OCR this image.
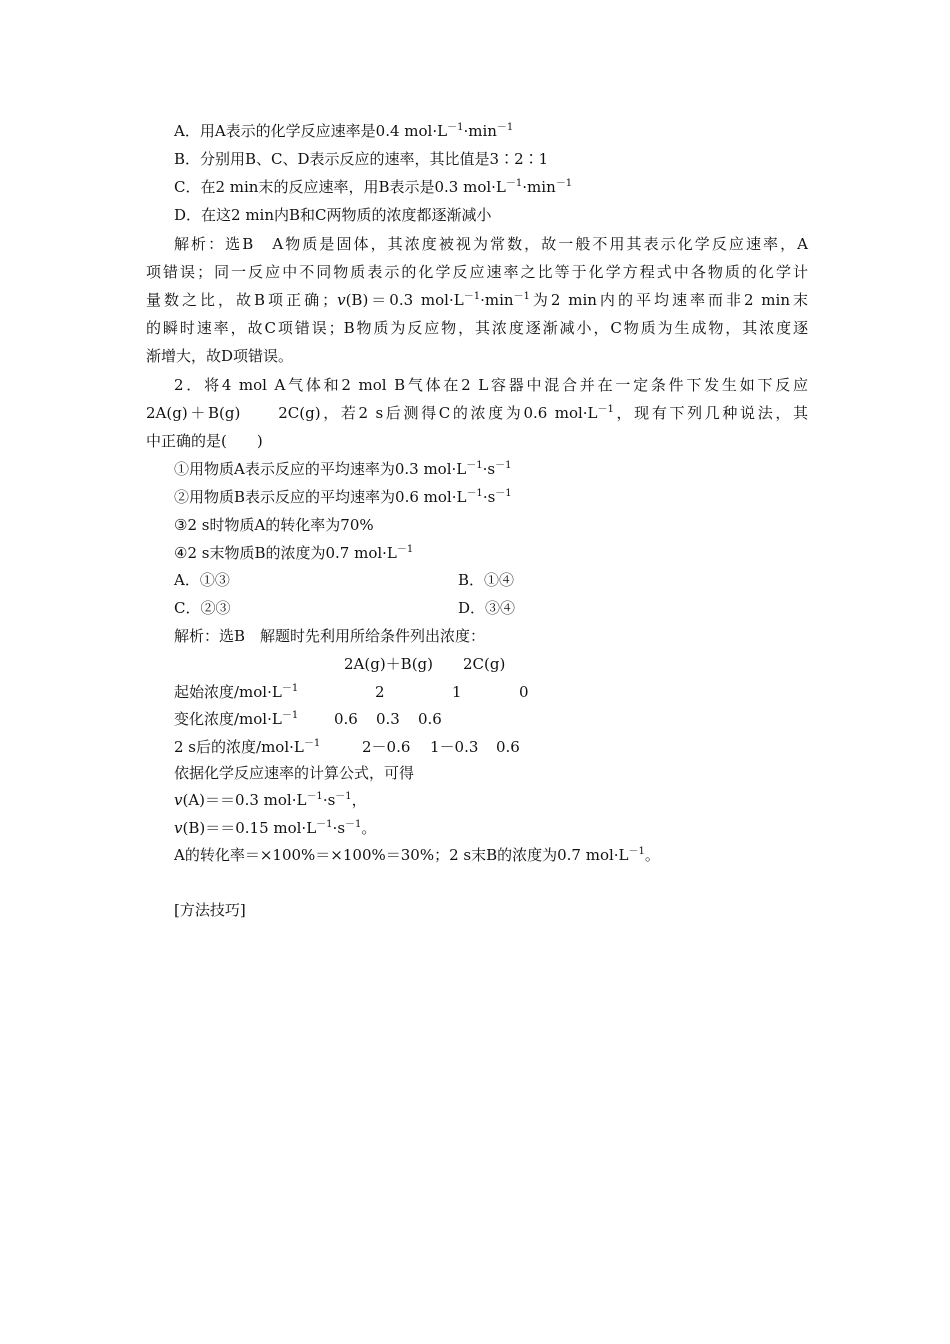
A．用A表示的化学反应速率是0.4 $mol\cdot L^{-1}\cdot\min^{-1}$
B．分别用B、C、D表示反应的速率，其比值是3∶2∶1
C．在2 min末的反应速率，用B表示是0.3 $mol\cdot L^{-1}\cdot\min^{-1}$
D．在这2 min内B和C两物质的浓度都逐渐减小
解析：选B　A物质是固体，其浓度被视为常数，故一般不用其表示化学反应速率，A
项错误；同一反应中不同物质表示的化学反应速率之比等于化学方程式中各物质的化学计
量数之比，故B项正确；v(B)＝0.3 $mol\cdot L^{-1}\cdot\min^{-1}$为2 min内的平均速率而非2 min末
的瞬时速率，故C项错误；B物质为反应物，其浓度逐渐减小，C物质为生成物，其浓度逐
渐增大，故D项错误。
2．将4 mol A气体和2 mol B气体在2 L容器中混合并在一定条件下发生如下反应
2A(g)＋B(g)　　2C(g)，若2 s后测得C的浓度为0.6 $mol\cdot L^{-1}$，现有下列几种说法，其
中正确的是(　　)
①用物质A表示反应的平均速率为0.3 $mol\cdot L^{-1}\cdot s^{-1}$
②用物质B表示反应的平均速率为0.6 $mol\cdot L^{-1}\cdot s^{-1}$
③2 s时物质A的转化率为70%
④2 s末物质B的浓度为0.7 $mol\cdot L^{-1}$
A．①③	B．①④
C．②③	D．③④
解析：选B　解题时先利用所给条件列出浓度：
2A(g)＋B(g)　　2C(g)
起始浓度$/mol\cdot L^{-1}$	2	1	0
变化浓度$/mol\cdot L^{-1}$ 0.6 0.3 0.6
2 s后的浓度$/mol\cdot L^{-1}$	2－0.6 1－0.3 0.6
依据化学反应速率的计算公式，可得
v(A)＝＝0.3 $mol\cdot L^{-1}\cdot s^{-1}$，
v(B)＝＝0.15 $mol\cdot L^{-1}\cdot s^{-1}$。
A的转化率＝×100%＝×100%＝30%；2 s末B的浓度为0.7 $mol\cdot L^{-1}$。
[方法技巧]
